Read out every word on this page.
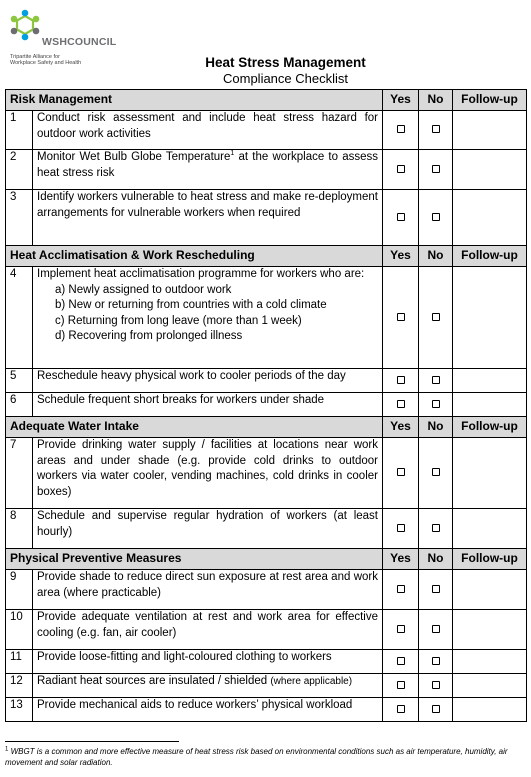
WSHCOUNCIL
Tripartite Alliance for
Workplace Safety and Health	Heat Stress Management
Compliance Checklist
Risk Management		Yes	No	Follow-up
1	Conduct risk assessment and include heat stress hazard for outdoor work activities			
2	Monitor Wet Bulb Globe Temperature$^1$ at the workplace to assess heat stress risk			
3	Identify workers vulnerable to heat stress and make re-deployment arrangements for vulnerable workers when required			
Heat Acclimatisation & Work Rescheduling		Yes	No	Follow-up
4	Implement heat acclimatisation programme for workers who are:
a) Newly assigned to outdoor work
b) New or returning from countries with a cold climate
c) Returning from long leave (more than 1 week)
d) Recovering from prolonged illness			

5	Reschedule heavy physical work to cooler periods of the day			
6	Schedule frequent short breaks for workers under shade			
Adequate Water Intake		Yes	No	Follow-up
7	Provide drinking water supply / facilities at locations near work areas and under shade (e.g. provide cold drinks to outdoor workers via water cooler, vending machines, cold drinks in cooler boxes)			
8	Schedule and supervise regular hydration of workers (at least hourly)			
Physical Preventive Measures		Yes	No	Follow-up
9	Provide shade to reduce direct sun exposure at rest area and work area (where practicable)			
10	Provide adequate ventilation at rest and work area for effective cooling (e.g. fan, air cooler)			
11	Provide loose-fitting and light-coloured clothing to workers			
12	Radiant heat sources are insulated / shielded (where applicable)			
13	Provide mechanical aids to reduce workers’ physical workload			
$^1$ WBGT is a common and more effective measure of heat stress risk based on environmental conditions such as air temperature, humidity, air movement and solar radiation.
